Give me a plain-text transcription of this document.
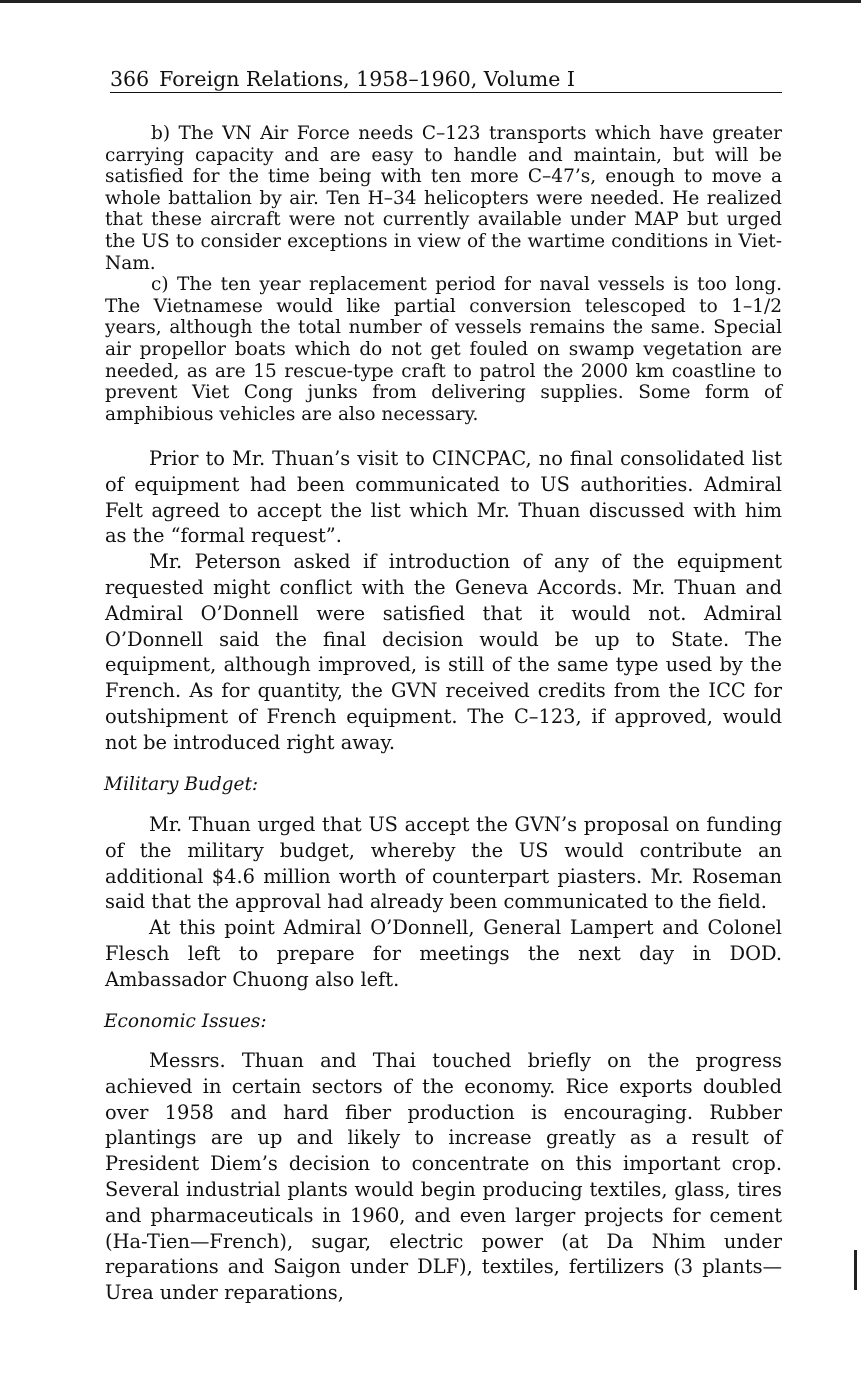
366 Foreign Relations, 1958–1960, Volume I

b) The VN Air Force needs C–123 transports which have greater carrying capacity and are easy to handle and maintain, but will be satisfied for the time being with ten more C–47’s, enough to move a whole battalion by air. Ten H–34 helicopters were needed. He realized that these aircraft were not currently available under MAP but urged the US to consider exceptions in view of the wartime conditions in Viet-Nam.

c) The ten year replacement period for naval vessels is too long. The Vietnamese would like partial conversion telescoped to 1–1/2 years, although the total number of vessels remains the same. Special air propellor boats which do not get fouled on swamp vegetation are needed, as are 15 rescue-type craft to patrol the 2000 km coastline to prevent Viet Cong junks from delivering supplies. Some form of amphibious vehicles are also necessary.

Prior to Mr. Thuan’s visit to CINCPAC, no final consolidated list of equipment had been communicated to US authorities. Admiral Felt agreed to accept the list which Mr. Thuan discussed with him as the “formal request”.

Mr. Peterson asked if introduction of any of the equipment requested might conflict with the Geneva Accords. Mr. Thuan and Admiral O’Donnell were satisfied that it would not. Admiral O’Donnell said the final decision would be up to State. The equipment, although improved, is still of the same type used by the French. As for quantity, the GVN received credits from the ICC for outshipment of French equipment. The C–123, if approved, would not be introduced right away.

Military Budget:

Mr. Thuan urged that US accept the GVN’s proposal on funding of the military budget, whereby the US would contribute an additional $4.6 million worth of counterpart piasters. Mr. Roseman said that the approval had already been communicated to the field.

At this point Admiral O’Donnell, General Lampert and Colonel Flesch left to prepare for meetings the next day in DOD. Ambassador Chuong also left.

Economic Issues:

Messrs. Thuan and Thai touched briefly on the progress achieved in certain sectors of the economy. Rice exports doubled over 1958 and hard fiber production is encouraging. Rubber plantings are up and likely to increase greatly as a result of President Diem’s decision to concentrate on this important crop. Several industrial plants would begin producing textiles, glass, tires and pharmaceuticals in 1960, and even larger projects for cement (Ha-Tien—French), sugar, electric power (at Da Nhim under reparations and Saigon under DLF), textiles, fertilizers (3 plants—Urea under reparations,
